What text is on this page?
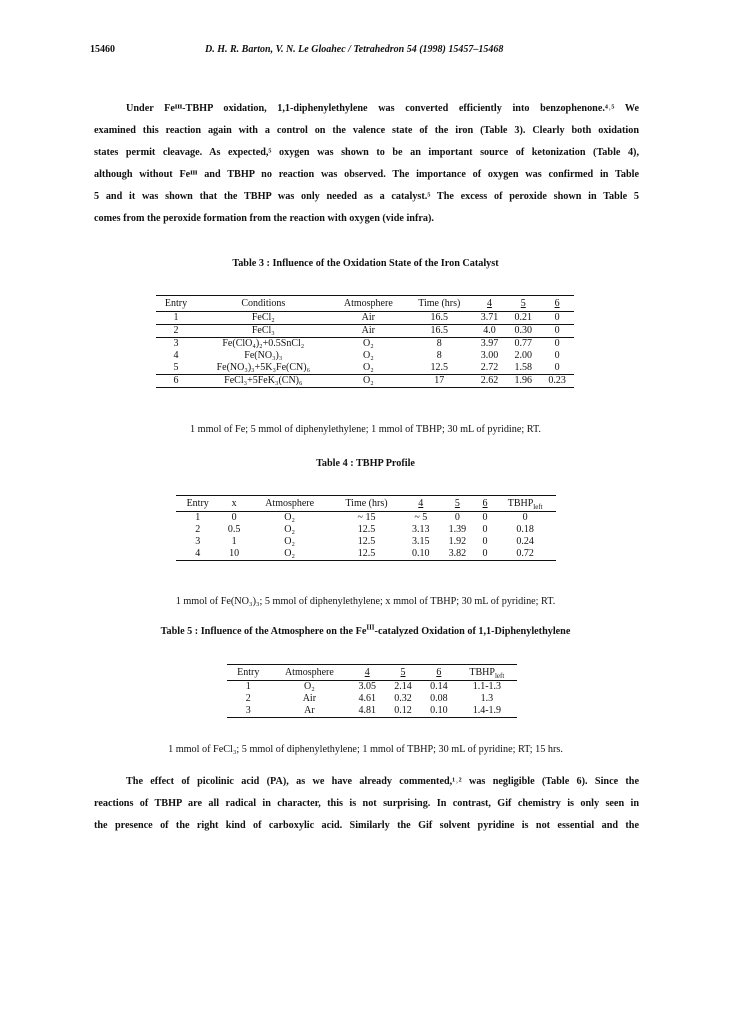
15460	D. H. R. Barton, V. N. Le Gloahec / Tetrahedron 54 (1998) 15457–15468
Under Feᴵᴵᴵ-TBHP oxidation, 1,1-diphenylethylene was converted efficiently into benzophenone.⁴˒⁵ We
examined this reaction again with a control on the valence state of the iron (Table 3). Clearly both oxidation
states permit cleavage. As expected,⁵ oxygen was shown to be an important source of ketonization (Table 4),
although without Feᴵᴵᴵ and TBHP no reaction was observed. The importance of oxygen was confirmed in Table
5 and it was shown that the TBHP was only needed as a catalyst.⁵ The excess of peroxide shown in Table 5
comes from the peroxide formation from the reaction with oxygen (vide infra).
Table 3 : Influence of the Oxidation State of the Iron Catalyst
Entry	Conditions	Atmosphere	Time (hrs)	4	5	6
1	FeCl₂	Air	16.5	3.71	0.21	0
2	FeCl₃	Air	16.5	4.0	0.30	0
3	Fe(ClO₄)₂+0.5SnCl₂	O₂	8	3.97	0.77	0
4	Fe(NO₃)₃	O₂	8	3.00	2.00	0
5	Fe(NO₃)₃+5K₃Fe(CN)₆	O₂	12.5	2.72	1.58	0
6	FeCl₃+5FeK₃(CN)₆	O₂	17	2.62	1.96	0.23
1 mmol of Fe; 5 mmol of diphenylethylene; 1 mmol of TBHP; 30 mL of pyridine; RT.
Table 4 : TBHP Profile
Entry	x	Atmosphere	Time (hrs)	4	5	6	$TBHP_{left}$
1	0	O₂	~ 15	~ 5	0	0	0
2	0.5	O₂	12.5	3.13	1.39	0	0.18
3	1	O₂	12.5	3.15	1.92	0	0.24
4	10	O₂	12.5	0.10	3.82	0	0.72
1 mmol of Fe(NO₃)₃; 5 mmol of diphenylethylene; x mmol of TBHP; 30 mL of pyridine; RT.
Table 5 : Influence of the Atmosphere on the $Fe^{III}$-catalyzed Oxidation of 1,1-Diphenylethylene
Entry	Atmosphere	4	5	6	$TBHP_{left}$
1	O₂	3.05	2.14	0.14	1.1-1.3
2	Air	4.61	0.32	0.08	1.3
3	Ar	4.81	0.12	0.10	1.4-1.9
1 mmol of FeCl₃; 5 mmol of diphenylethylene; 1 mmol of TBHP; 30 mL of pyridine; RT; 15 hrs.
The effect of picolinic acid (PA), as we have already commented,¹˒² was negligible (Table 6). Since the
reactions of TBHP are all radical in character, this is not surprising. In contrast, Gif chemistry is only seen in
the presence of the right kind of carboxylic acid. Similarly the Gif solvent pyridine is not essential and the
